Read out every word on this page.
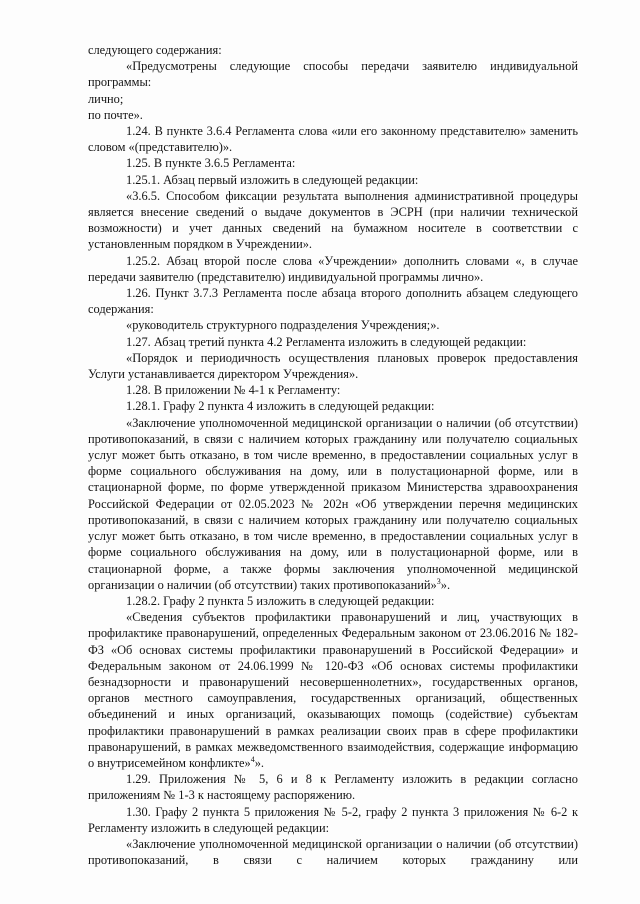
следующего содержания:

«Предусмотрены следующие способы передачи заявителю индивидуальной программы:

лично;

по почте».

1.24. В пункте 3.6.4 Регламента слова «или его законному представителю» заменить словом «(представителю)».

1.25. В пункте 3.6.5 Регламента:

1.25.1. Абзац первый изложить в следующей редакции:

«3.6.5. Способом фиксации результата выполнения административной процедуры является внесение сведений о выдаче документов в ЭСРН (при наличии технической возможности) и учет данных сведений на бумажном носителе в соответствии с установленным порядком в Учреждении».

1.25.2. Абзац второй после слова «Учреждении» дополнить словами «, в случае передачи заявителю (представителю) индивидуальной программы лично».

1.26. Пункт 3.7.3 Регламента после абзаца второго дополнить абзацем следующего содержания:

«руководитель структурного подразделения Учреждения;».

1.27. Абзац третий пункта 4.2 Регламента изложить в следующей редакции:

«Порядок и периодичность осуществления плановых проверок предоставления Услуги устанавливается директором Учреждения».

1.28. В приложении № 4-1 к Регламенту:

1.28.1. Графу 2 пункта 4 изложить в следующей редакции:

«Заключение уполномоченной медицинской организации о наличии (об отсутствии) противопоказаний, в связи с наличием которых гражданину или получателю социальных услуг может быть отказано, в том числе временно, в предоставлении социальных услуг в форме социального обслуживания на дому, или в полустационарной форме, или в стационарной форме, по форме утвержденной приказом Министерства здравоохранения Российской Федерации от 02.05.2023 № 202н «Об утверждении перечня медицинских противопоказаний, в связи с наличием которых гражданину или получателю социальных услуг может быть отказано, в том числе временно, в предоставлении социальных услуг в форме социального обслуживания на дому, или в полустационарной форме, или в стационарной форме, а также формы заключения уполномоченной медицинской организации о наличии (об отсутствии) таких противопоказаний»$^3$».

1.28.2. Графу 2 пункта 5 изложить в следующей редакции:

«Сведения субъектов профилактики правонарушений и лиц, участвующих в профилактике правонарушений, определенных Федеральным законом от 23.06.2016 № 182-ФЗ «Об основах системы профилактики правонарушений в Российской Федерации» и Федеральным законом от 24.06.1999 № 120-ФЗ «Об основах системы профилактики безнадзорности и правонарушений несовершеннолетних», государственных органов, органов местного самоуправления, государственных организаций, общественных объединений и иных организаций, оказывающих помощь (содействие) субъектам профилактики правонарушений в рамках реализации своих прав в сфере профилактики правонарушений, в рамках межведомственного взаимодействия, содержащие информацию о внутрисемейном конфликте»$^4$».

1.29. Приложения № 5, 6 и 8 к Регламенту изложить в редакции согласно приложениям № 1-3 к настоящему распоряжению.

1.30. Графу 2 пункта 5 приложения № 5-2, графу 2 пункта 3 приложения № 6-2 к Регламенту изложить в следующей редакции:

«Заключение уполномоченной медицинской организации о наличии (об отсутствии) противопоказаний, в связи с наличием которых гражданину или
